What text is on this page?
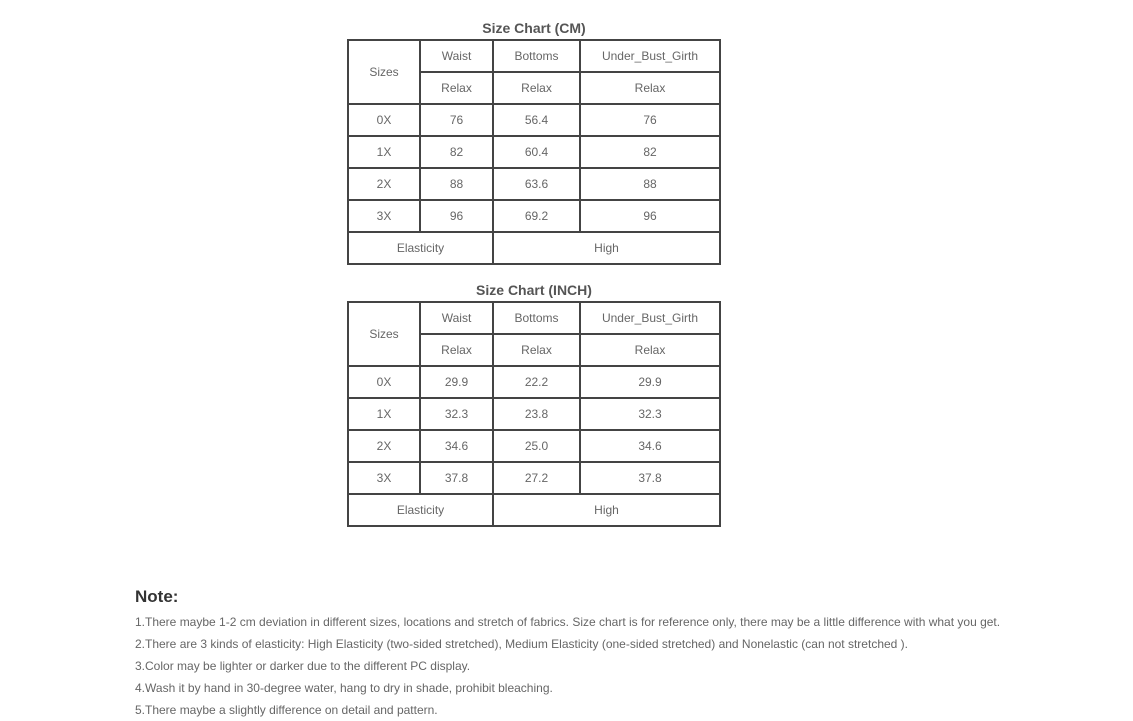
Size Chart (CM)
Sizes	Waist	Bottoms	Under_Bust_Girth
	Relax	Relax	Relax
0X	76	56.4	76
1X	82	60.4	82
2X	88	63.6	88
3X	96	69.2	96
Elasticity		High	
Size Chart (INCH)
Sizes	Waist	Bottoms	Under_Bust_Girth
	Relax	Relax	Relax
0X	29.9	22.2	29.9
1X	32.3	23.8	32.3
2X	34.6	25.0	34.6
3X	37.8	27.2	37.8
Elasticity		High	
Note:
1.There maybe 1-2 cm deviation in different sizes, locations and stretch of fabrics. Size chart is for reference only, there may be a little difference with what you get.
2.There are 3 kinds of elasticity: High Elasticity (two-sided stretched), Medium Elasticity (one-sided stretched) and Nonelastic (can not stretched ).
3.Color may be lighter or darker due to the different PC display.
4.Wash it by hand in 30-degree water, hang to dry in shade, prohibit bleaching.
5.There maybe a slightly difference on detail and pattern.
